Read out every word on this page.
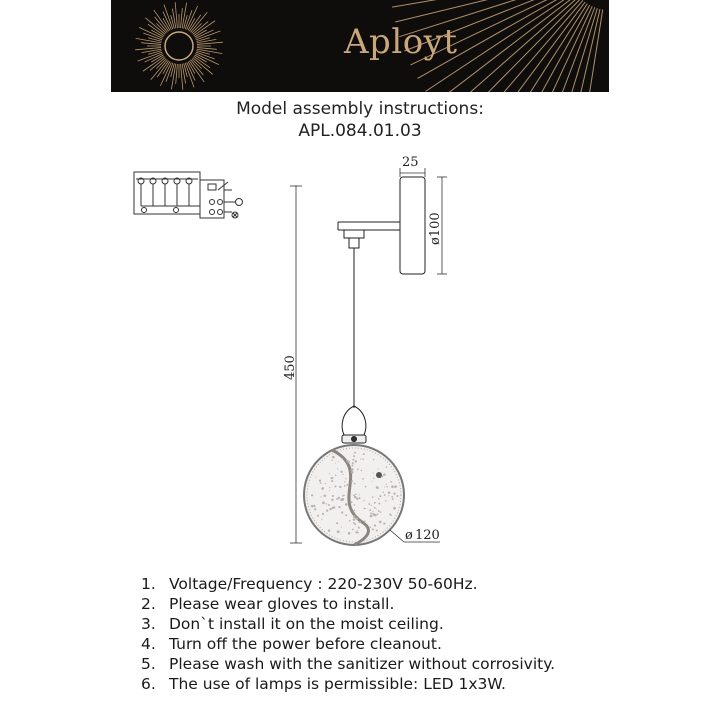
Aployt
Model assembly instructions:
APL.084.01.03
450
25
ø100
ø 120
1. Voltage/Frequency : 220-230V 50-60Hz.
2. Please wear gloves to install.
3. Don`t install it on the moist ceiling.
4. Turn off the power before cleanout.
5. Please wash with the sanitizer without corrosivity.
6. The use of lamps is permissible: LED 1x3W.
